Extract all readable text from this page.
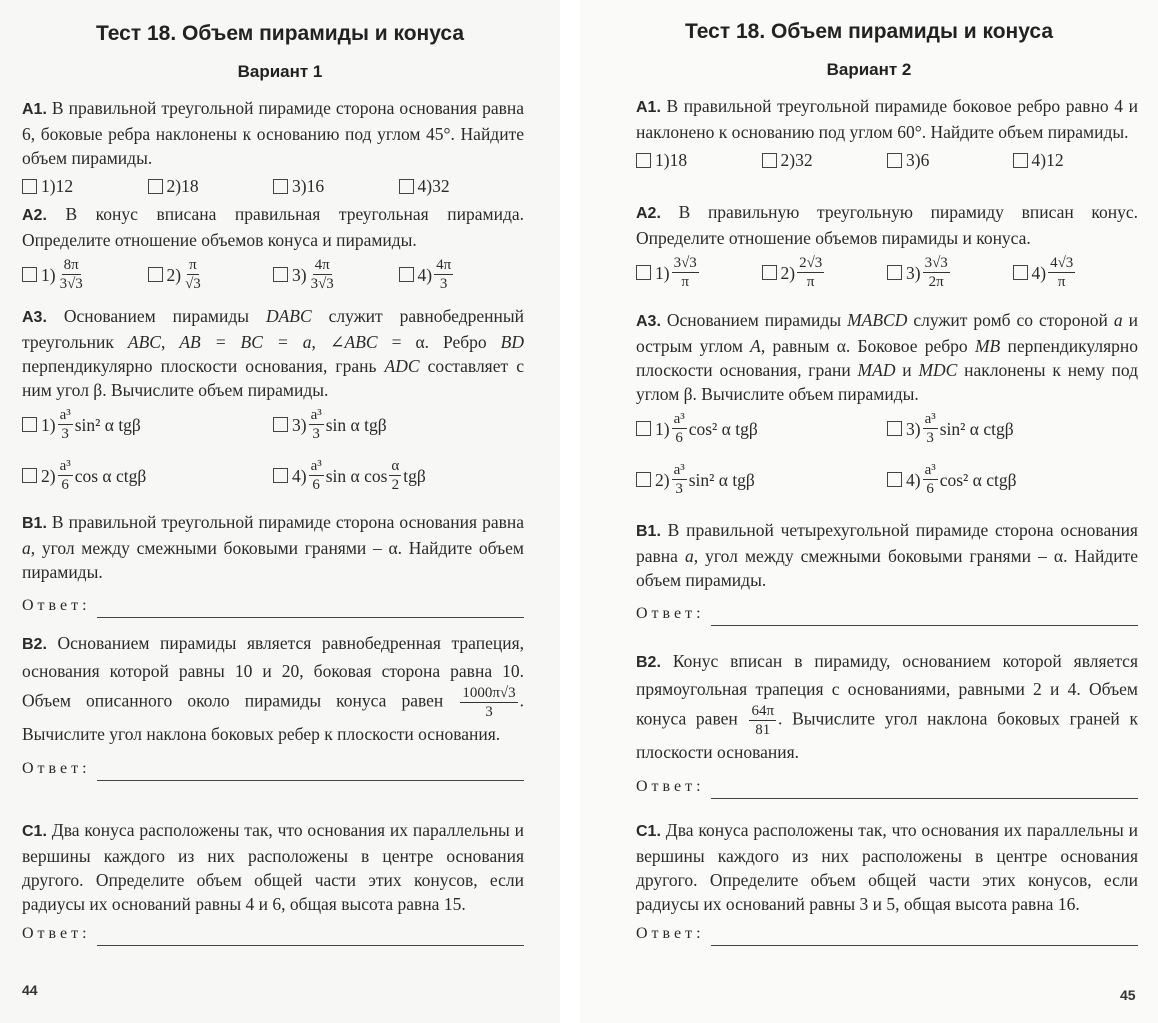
Тест 18. Объем пирамиды и конуса
Вариант 1
А1. В правильной треугольной пирамиде сторона основания равна 6, боковые ребра наклонены к основанию под углом 45°. Найдите объем пирамиды.
1) 12	2) 18	3) 16	4) 32
А2. В конус вписана правильная треугольная пирамида. Определите отношение объемов конуса и пирамиды.
$1) \frac{8\pi}{3√3}$	$2) \frac{\pi}{√3}$	$3) \frac{4\pi}{3√3}$	$4) \frac{4\pi}{3}$
А3. Основанием пирамиды DABC служит равнобедренный треугольник ABC, AB = BC = a, ∠ABC = α. Ребро BD перпендикулярно плоскости основания, грань ADC составляет с ним угол β. Вычислите объем пирамиды.
$1) \frac{\text{a³}}{3} \sin^2$ α tgβ	$3) \frac{\text{a³}}{3}$ sin α tgβ
$2) \frac{\text{a³}}{6}$ cos α ctgβ	$4) \frac{\text{a³}}{6}$ sin α $\cos \frac{\alpha}{2}$ tgβ
В1. В правильной треугольной пирамиде сторона основания равна a, угол между смежными боковыми гранями – α. Найдите объем пирамиды.
Ответ:
В2. Основанием пирамиды является равнобедренная трапеция, основания которой равны 10 и 20, боковая сторона равна 10. Объем описанного около пирамиды конуса равен $\frac{1000\pi√3}{3}$ . Вычислите угол наклона боковых ребер к плоскости основания.
Ответ:
С1. Два конуса расположены так, что основания их параллельны и вершины каждого из них расположены в центре основания другого. Определите объем общей части этих конусов, если радиусы их оснований равны 4 и 6, общая высота равна 15.
Ответ:
44
Тест 18. Объем пирамиды и конуса
Вариант 2
А1. В правильной треугольной пирамиде боковое ребро равно 4 и наклонено к основанию под углом 60°. Найдите объем пирамиды.
1) 18	2) 32	3) 6	4) 12
А2. В правильную треугольную пирамиду вписан конус. Определите отношение объемов пирамиды и конуса.
$1) \frac{3√3}{\pi}$	$2) \frac{2√3}{\pi}$	$3) \frac{3√3}{2\pi}$	$4) \frac{4√3}{\pi}$
А3. Основанием пирамиды MABCD служит ромб со стороной a и острым углом A, равным α. Боковое ребро MB перпендикулярно плоскости основания, грани MAD и MDC наклонены к нему под углом β. Вычислите объем пирамиды.
$1) \frac{\text{a³}}{6} \cos^2$ α tgβ	$3) \frac{\text{a³}}{3} \sin^2$ α ctgβ
$2) \frac{\text{a³}}{3} \sin^2$ α tgβ	$4) \frac{\text{a³}}{6} \cos^2$ α ctgβ
В1. В правильной четырехугольной пирамиде сторона основания равна a, угол между смежными боковыми гранями – α. Найдите объем пирамиды.
Ответ:
В2. Конус вписан в пирамиду, основанием которой является прямоугольная трапеция с основаниями, равными 2 и 4. Объем конуса равен $\frac{64\pi}{81}$ . Вычислите угол наклона боковых граней к плоскости основания.
Ответ:
С1. Два конуса расположены так, что основания их параллельны и вершины каждого из них расположены в центре основания другого. Определите объем общей части этих конусов, если радиусы их оснований равны 3 и 5, общая высота равна 16.
Ответ:
45
